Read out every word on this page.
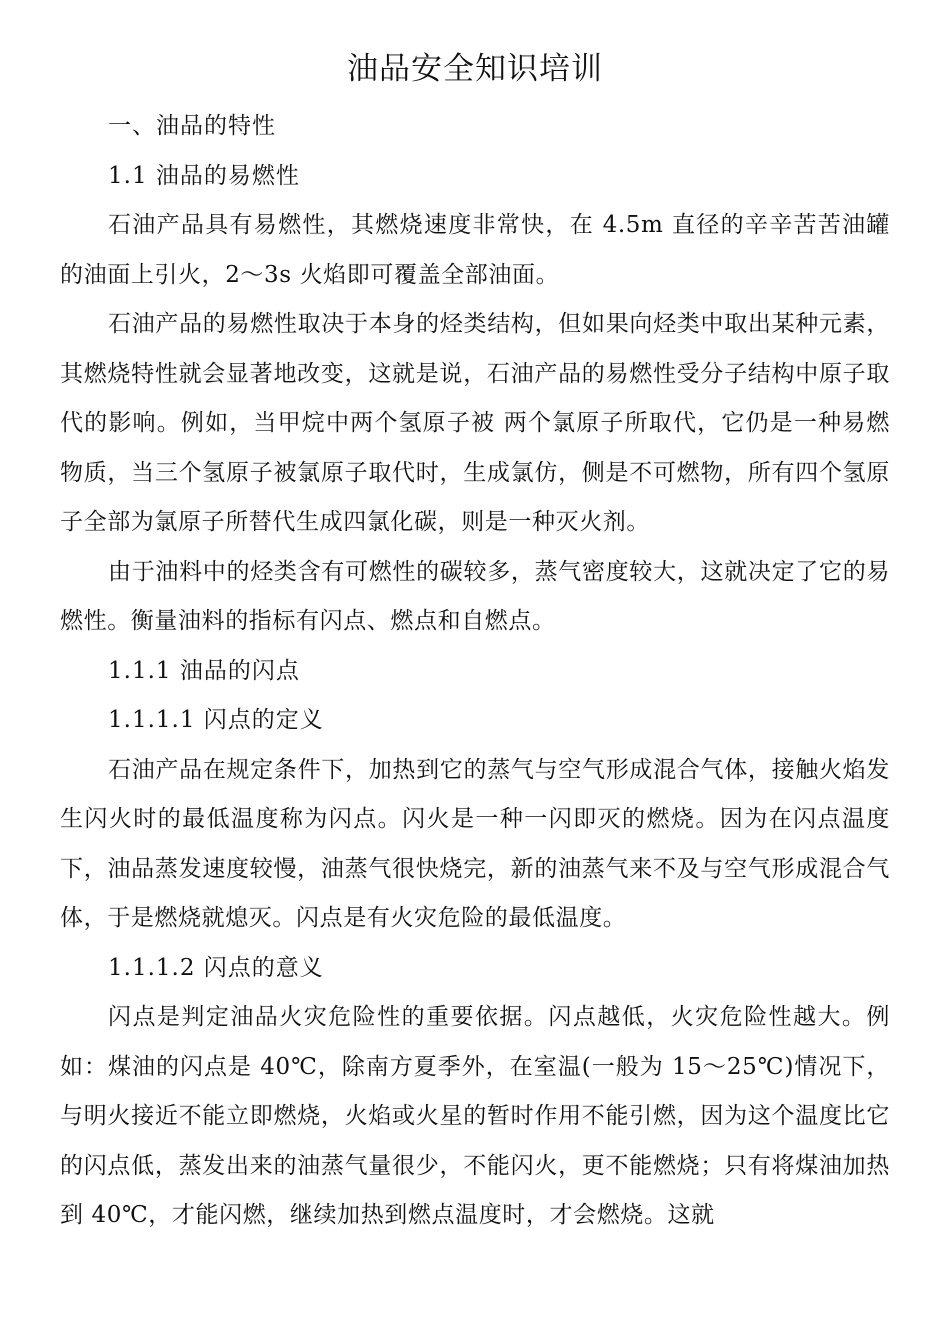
油品安全知识培训

一、油品的特性

1.1 油品的易燃性

石油产品具有易燃性，其燃烧速度非常快，在 4.5m 直径的辛辛苦苦油罐的油面上引火，2～3s 火焰即可覆盖全部油面。

石油产品的易燃性取决于本身的烃类结构，但如果向烃类中取出某种元素，其燃烧特性就会显著地改变，这就是说，石油产品的易燃性受分子结构中原子取代的影响。例如，当甲烷中两个氢原子被 两个氯原子所取代，它仍是一种易燃物质，当三个氢原子被氯原子取代时，生成氯仿，侧是不可燃物，所有四个氢原子全部为氯原子所替代生成四氯化碳，则是一种灭火剂。

由于油料中的烃类含有可燃性的碳较多，蒸气密度较大，这就决定了它的易燃性。衡量油料的指标有闪点、燃点和自燃点。

1.1.1 油品的闪点

1.1.1.1 闪点的定义

石油产品在规定条件下，加热到它的蒸气与空气形成混合气体，接触火焰发生闪火时的最低温度称为闪点。闪火是一种一闪即灭的燃烧。因为在闪点温度下，油品蒸发速度较慢，油蒸气很快烧完，新的油蒸气来不及与空气形成混合气体，于是燃烧就熄灭。闪点是有火灾危险的最低温度。

1.1.1.2 闪点的意义

闪点是判定油品火灾危险性的重要依据。闪点越低，火灾危险性越大。例如：煤油的闪点是 40℃，除南方夏季外，在室温(一般为 15～25℃)情况下，与明火接近不能立即燃烧，火焰或火星的暂时作用不能引燃，因为这个温度比它的闪点低，蒸发出来的油蒸气量很少，不能闪火，更不能燃烧；只有将煤油加热到 40℃，才能闪燃，继续加热到燃点温度时，才会燃烧。这就
